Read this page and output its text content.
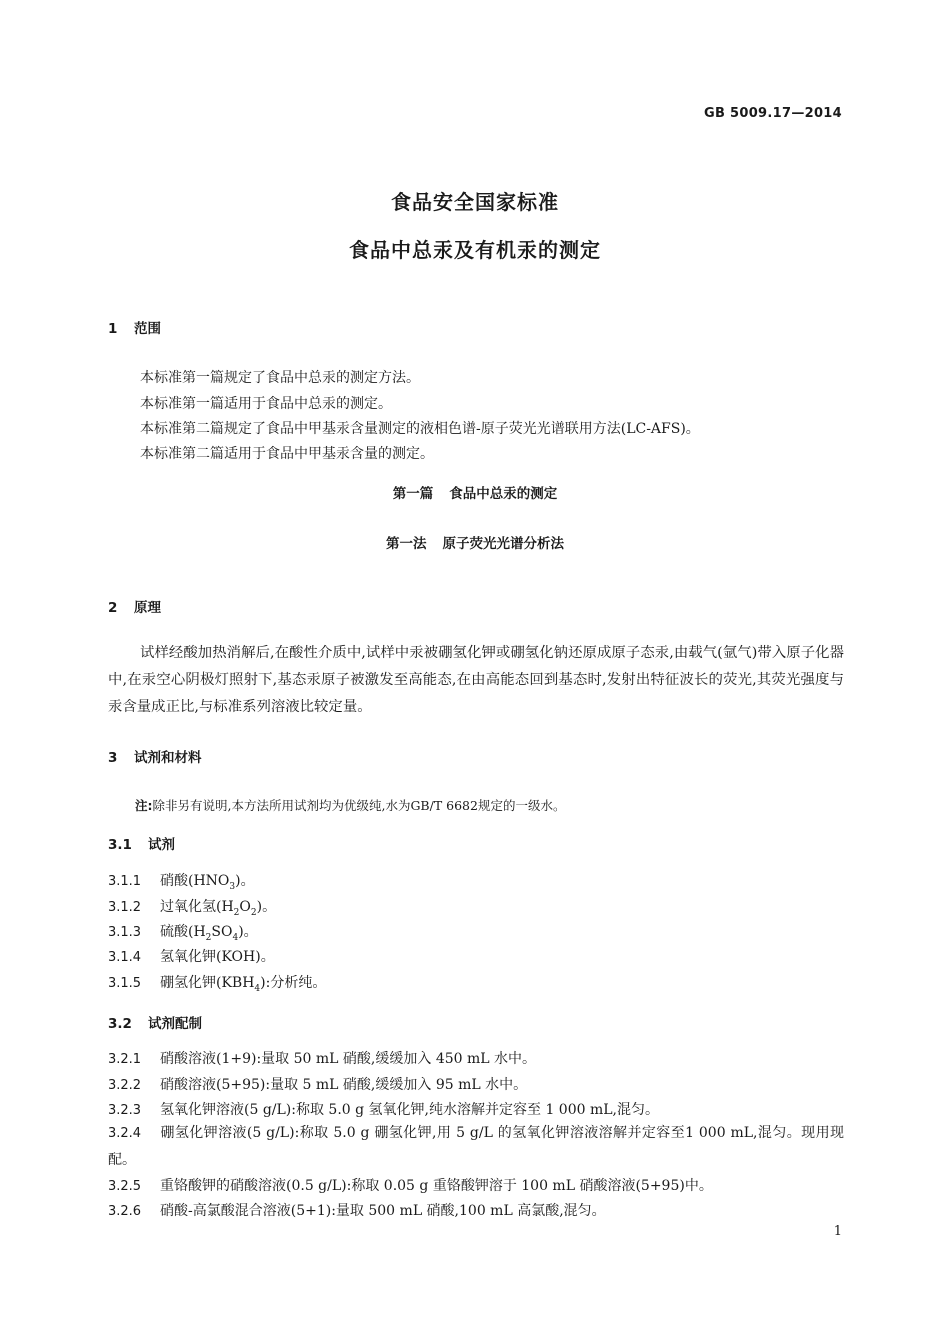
GB 5009.17—2014
食品安全国家标准
食品中总汞及有机汞的测定
1 范围
本标准第一篇规定了食品中总汞的测定方法。
本标准第一篇适用于食品中总汞的测定。
本标准第二篇规定了食品中甲基汞含量测定的液相色谱-原子荧光光谱联用方法(LC-AFS)。
本标准第二篇适用于食品中甲基汞含量的测定。
第一篇 食品中总汞的测定
第一法 原子荧光光谱分析法
2 原理
试样经酸加热消解后,在酸性介质中,试样中汞被硼氢化钾或硼氢化钠还原成原子态汞,由载气(氩气)带入原子化器中,在汞空心阴极灯照射下,基态汞原子被激发至高能态,在由高能态回到基态时,发射出特征波长的荧光,其荧光强度与汞含量成正比,与标准系列溶液比较定量。
3 试剂和材料
注:除非另有说明,本方法所用试剂均为优级纯,水为GB/T 6682规定的一级水。
3.1 试剂
3.1.1 硝酸$(HNO_3)$。
3.1.2 过氧化氢$(H_2O_2)$。
3.1.3 硫酸$(H_2SO_4)$。
3.1.4 氢氧化钾(KOH)。
3.1.5 硼氢化钾$(KBH_4)$:分析纯。
3.2 试剂配制
3.2.1 硝酸溶液(1+9):量取 50 mL 硝酸,缓缓加入 450 mL 水中。
3.2.2 硝酸溶液(5+95):量取 5 mL 硝酸,缓缓加入 95 mL 水中。
3.2.3 氢氧化钾溶液(5 g/L):称取 5.0 g 氢氧化钾,纯水溶解并定容至 1 000 mL,混匀。
3.2.4 硼氢化钾溶液(5 g/L):称取 5.0 g 硼氢化钾,用 5 g/L 的氢氧化钾溶液溶解并定容至1 000 mL,混匀。现用现配。
3.2.5 重铬酸钾的硝酸溶液(0.5 g/L):称取 0.05 g 重铬酸钾溶于 100 mL 硝酸溶液(5+95)中。
3.2.6 硝酸-高氯酸混合溶液(5+1):量取 500 mL 硝酸,100 mL 高氯酸,混匀。
1
